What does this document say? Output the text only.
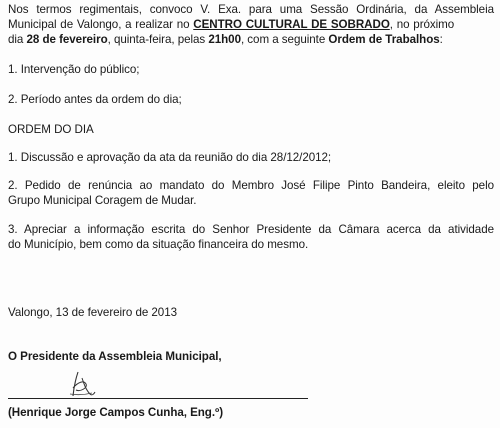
Nos termos regimentais, convoco V. Exa. para uma Sessão Ordinária, da Assembleia
Municipal de Valongo, a realizar no CENTRO CULTURAL DE SOBRADO, no próximo
dia 28 de fevereiro, quinta-feira, pelas 21h00, com a seguinte Ordem de Trabalhos:
1. Intervenção do público;
2. Período antes da ordem do dia;
ORDEM DO DIA
1. Discussão e aprovação da ata da reunião do dia 28/12/2012;
2. Pedido de renúncia ao mandato do Membro José Filipe Pinto Bandeira, eleito pelo
Grupo Municipal Coragem de Mudar.
3. Apreciar a informação escrita do Senhor Presidente da Câmara acerca da atividade
do Município, bem como da situação financeira do mesmo.
Valongo, 13 de fevereiro de 2013
O Presidente da Assembleia Municipal,
(Henrique Jorge Campos Cunha, Eng.º)
